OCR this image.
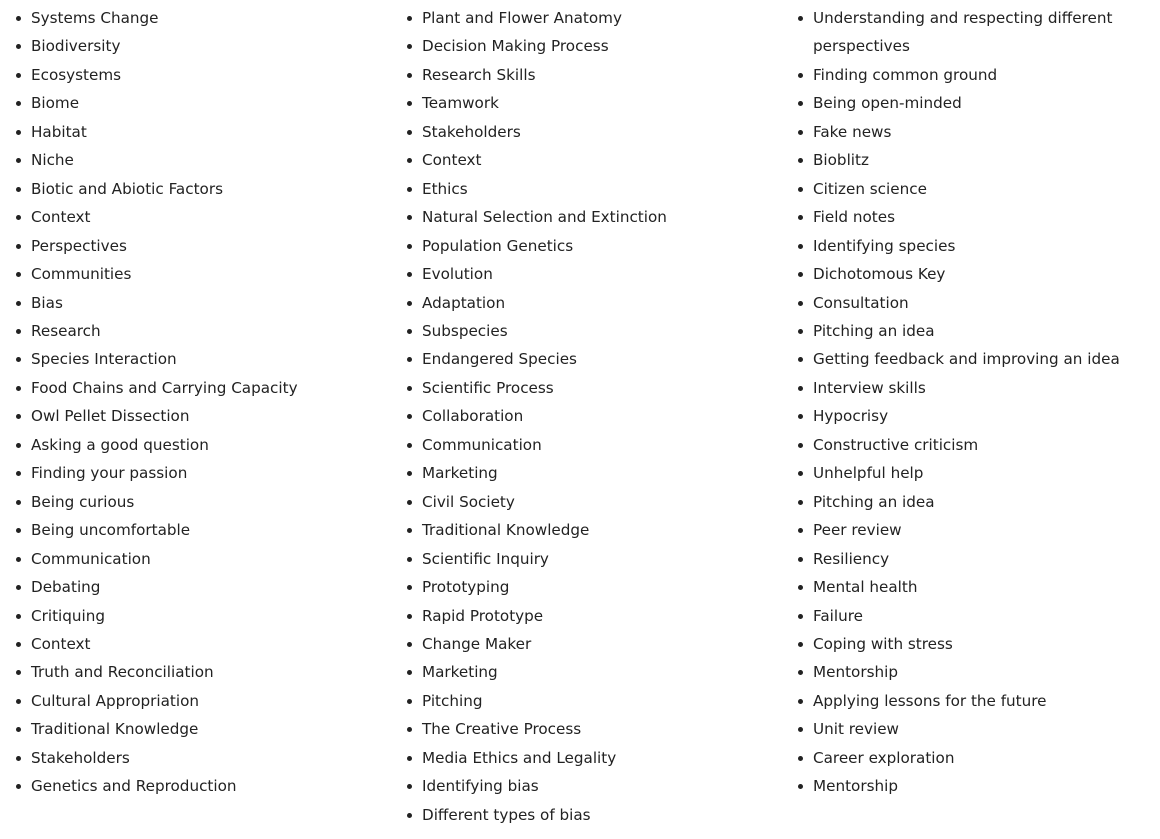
Systems Change
Biodiversity
Ecosystems
Biome
Habitat
Niche
Biotic and Abiotic Factors
Context
Perspectives
Communities
Bias
Research
Species Interaction
Food Chains and Carrying Capacity
Owl Pellet Dissection
Asking a good question
Finding your passion
Being curious
Being uncomfortable
Communication
Debating
Critiquing
Context
Truth and Reconciliation
Cultural Appropriation
Traditional Knowledge
Stakeholders
Genetics and Reproduction
Plant and Flower Anatomy
Decision Making Process
Research Skills
Teamwork
Stakeholders
Context
Ethics
Natural Selection and Extinction
Population Genetics
Evolution
Adaptation
Subspecies
Endangered Species
Scientific Process
Collaboration
Communication
Marketing
Civil Society
Traditional Knowledge
Scientific Inquiry
Prototyping
Rapid Prototype
Change Maker
Marketing
Pitching
The Creative Process
Media Ethics and Legality
Identifying bias
Different types of bias
Understanding and respecting different perspectives
Finding common ground
Being open-minded
Fake news
Bioblitz
Citizen science
Field notes
Identifying species
Dichotomous Key
Consultation
Pitching an idea
Getting feedback and improving an idea
Interview skills
Hypocrisy
Constructive criticism
Unhelpful help
Pitching an idea
Peer review
Resiliency
Mental health
Failure
Coping with stress
Mentorship
Applying lessons for the future
Unit review
Career exploration
Mentorship
